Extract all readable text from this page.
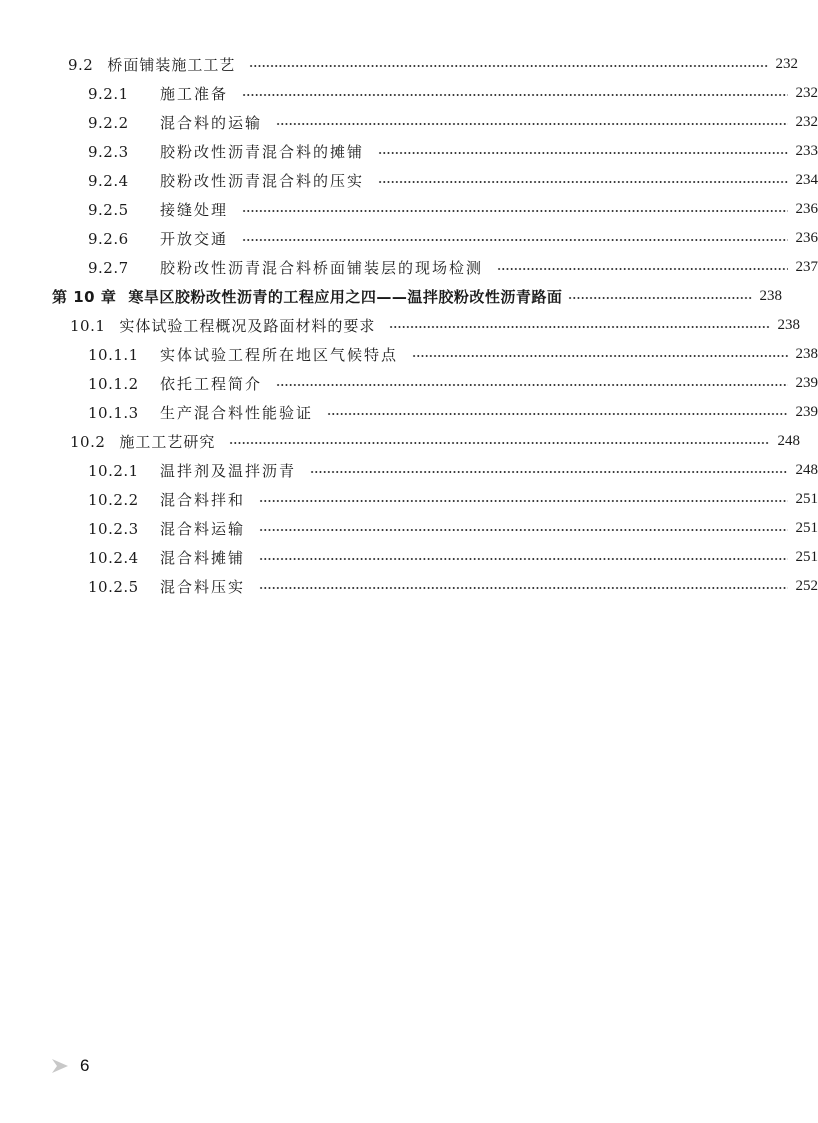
9.2 桥面铺装施工工艺	232
9.2.1	施工准备	232
9.2.2	混合料的运输	232
9.2.3	胶粉改性沥青混合料的摊铺	233
9.2.4	胶粉改性沥青混合料的压实	234
9.2.5	接缝处理	236
9.2.6	开放交通	236
9.2.7	胶粉改性沥青混合料桥面铺装层的现场检测	237
第 10 章 寒旱区胶粉改性沥青的工程应用之四——温拌胶粉改性沥青路面	238
10.1 实体试验工程概况及路面材料的要求	238
10.1.1	实体试验工程所在地区气候特点	238
10.1.2	依托工程简介	239
10.1.3	生产混合料性能验证	239
10.2 施工工艺研究	248
10.2.1	温拌剂及温拌沥青	248
10.2.2	混合料拌和	251
10.2.3	混合料运输	251
10.2.4	混合料摊铺	251
10.2.5	混合料压实	252
6
